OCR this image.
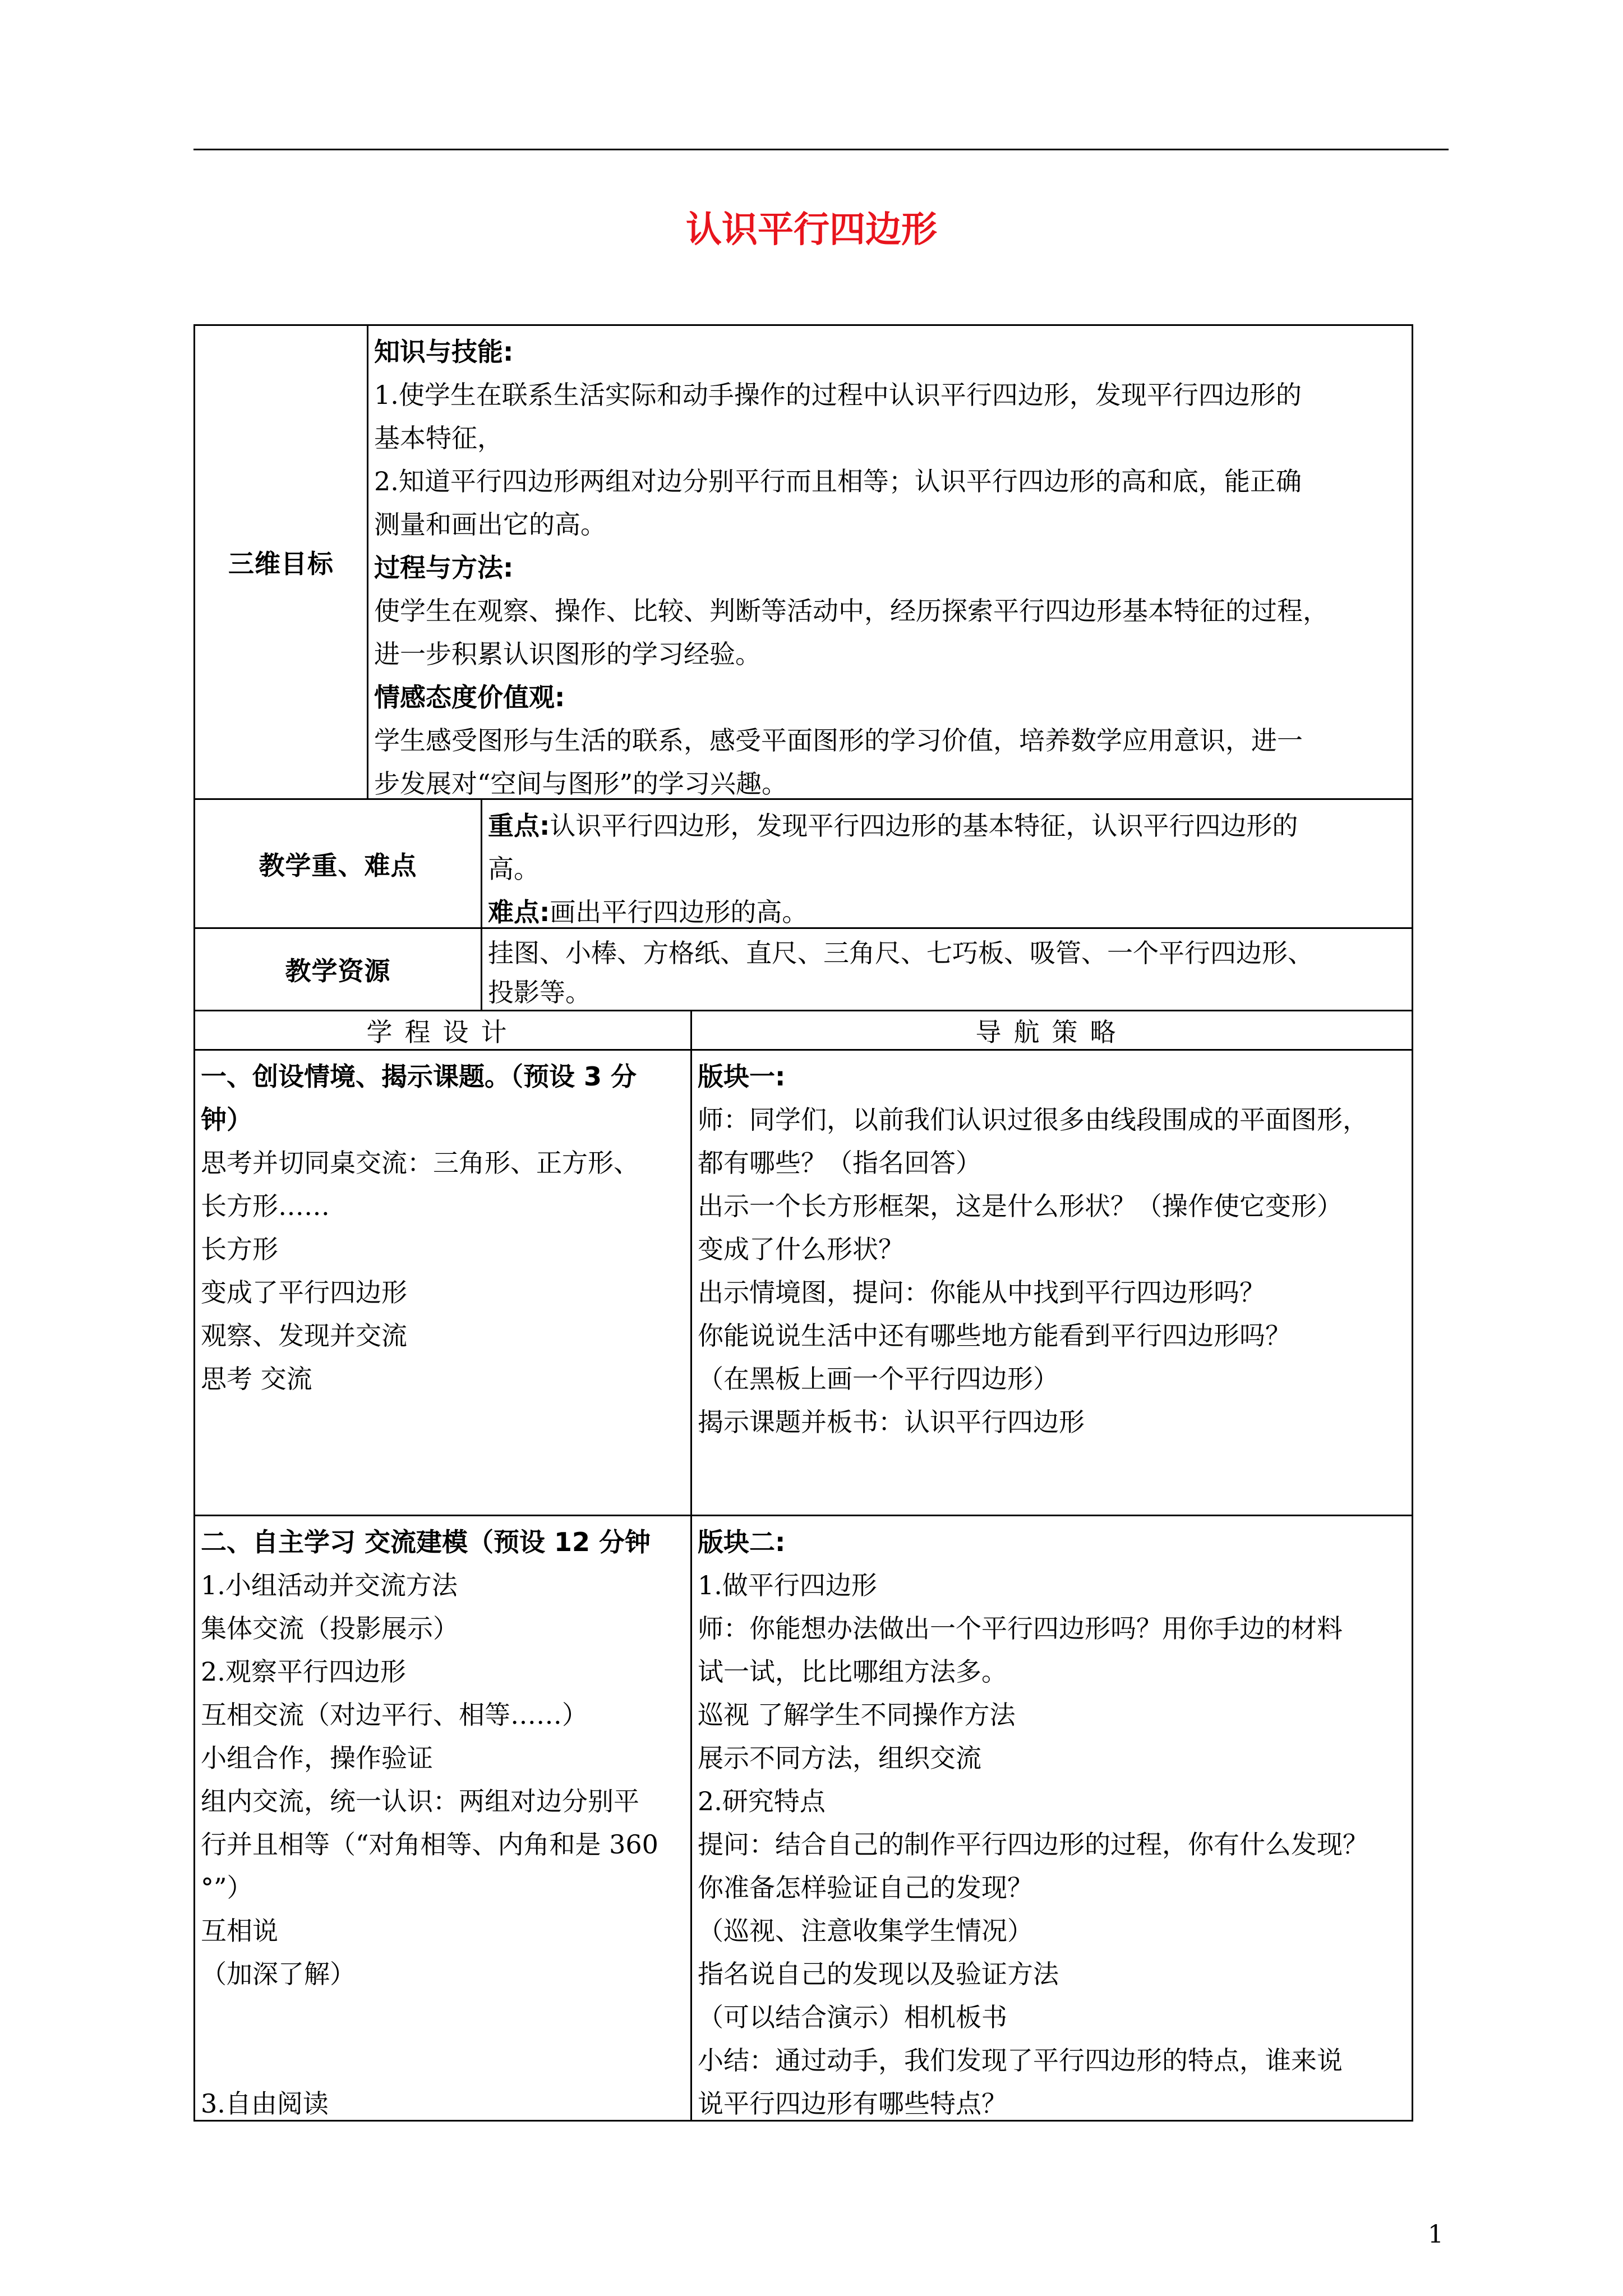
认识平行四边形
三维目标

知识与技能:

1.使学生在联系生活实际和动手操作的过程中认识平行四边形，发现平行四边形的

基本特征，

2.知道平行四边形两组对边分别平行而且相等；认识平行四边形的高和底，能正确

测量和画出它的高。

过程与方法:

使学生在观察、操作、比较、判断等活动中，经历探索平行四边形基本特征的过程，

进一步积累认识图形的学习经验。

情感态度价值观:

学生感受图形与生活的联系，感受平面图形的学习价值，培养数学应用意识，进一

步发展对“空间与图形”的学习兴趣。

教学重、难点

重点:认识平行四边形，发现平行四边形的基本特征，认识平行四边形的

高。

难点:画出平行四边形的高。

教学资源

挂图、小棒、方格纸、直尺、三角尺、七巧板、吸管、一个平行四边形、

投影等。

学程设计	导航策略

一、创设情境、揭示课题。（预设 3 分

钟）

思考并切同桌交流：三角形、正方形、

长方形……

长方形

变成了平行四边形

观察、发现并交流

思考 交流

版块一:

师：同学们，以前我们认识过很多由线段围成的平面图形，

都有哪些？（指名回答）

出示一个长方形框架，这是什么形状？（操作使它变形）

变成了什么形状？

出示情境图，提问：你能从中找到平行四边形吗？

你能说说生活中还有哪些地方能看到平行四边形吗？

（在黑板上画一个平行四边形）

揭示课题并板书：认识平行四边形

二、自主学习 交流建模（预设 12 分钟

1.小组活动并交流方法

集体交流（投影展示）

2.观察平行四边形

互相交流（对边平行、相等……）

小组合作，操作验证

组内交流，统一认识：两组对边分别平

行并且相等（“对角相等、内角和是 360

°”）

互相说

（加深了解）

3.自由阅读

版块二:

1.做平行四边形

师：你能想办法做出一个平行四边形吗？用你手边的材料

试一试，比比哪组方法多。

巡视 了解学生不同操作方法

展示不同方法，组织交流

2.研究特点

提问：结合自己的制作平行四边形的过程，你有什么发现？

你准备怎样验证自己的发现？

（巡视、注意收集学生情况）

指名说自己的发现以及验证方法

（可以结合演示）相机板书

小结：通过动手，我们发现了平行四边形的特点，谁来说

说平行四边形有哪些特点？

1
